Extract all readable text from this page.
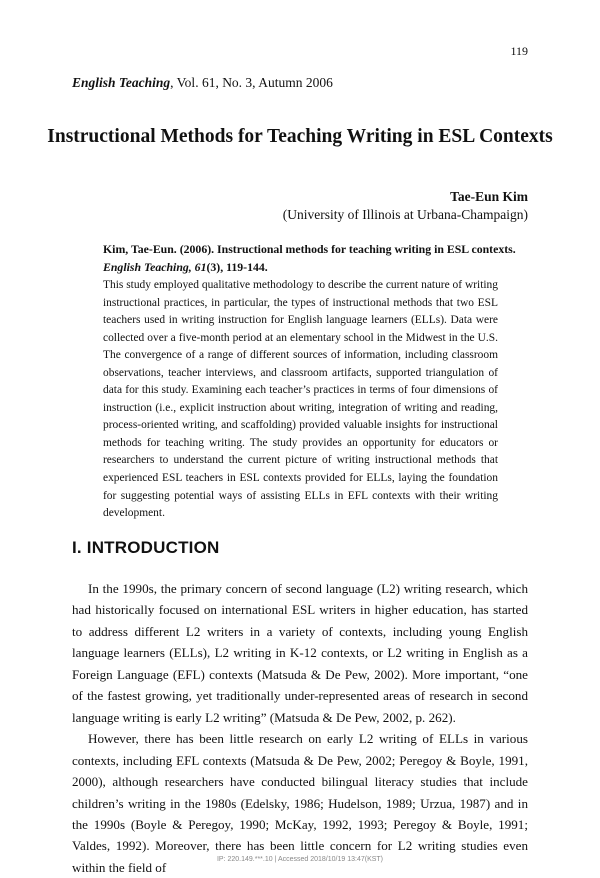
119
English Teaching, Vol. 61, No. 3, Autumn 2006
Instructional Methods for Teaching Writing in ESL Contexts
Tae-Eun Kim
(University of Illinois at Urbana-Champaign)
Kim, Tae-Eun. (2006). Instructional methods for teaching writing in ESL contexts.
English Teaching, 61(3), 119-144.

This study employed qualitative methodology to describe the current nature of writing instructional practices, in particular, the types of instructional methods that two ESL teachers used in writing instruction for English language learners (ELLs). Data were collected over a five-month period at an elementary school in the Midwest in the U.S. The convergence of a range of different sources of information, including classroom observations, teacher interviews, and classroom artifacts, supported triangulation of data for this study. Examining each teacher’s practices in terms of four dimensions of instruction (i.e., explicit instruction about writing, integration of writing and reading, process-oriented writing, and scaffolding) provided valuable insights for instructional methods for teaching writing. The study provides an opportunity for educators or researchers to understand the current picture of writing instructional methods that experienced ESL teachers in ESL contexts provided for ELLs, laying the foundation for suggesting potential ways of assisting ELLs in EFL contexts with their writing development.

I. INTRODUCTION

In the 1990s, the primary concern of second language (L2) writing research, which had historically focused on international ESL writers in higher education, has started to address different L2 writers in a variety of contexts, including young English language learners (ELLs), L2 writing in K-12 contexts, or L2 writing in English as a Foreign Language (EFL) contexts (Matsuda & De Pew, 2002). More important, “one of the fastest growing, yet traditionally under-represented areas of research in second language writing is early L2 writing” (Matsuda & De Pew, 2002, p. 262).

However, there has been little research on early L2 writing of ELLs in various contexts, including EFL contexts (Matsuda & De Pew, 2002; Peregoy & Boyle, 1991, 2000), although researchers have conducted bilingual literacy studies that include children’s writing in the 1980s (Edelsky, 1986; Hudelson, 1989; Urzua, 1987) and in the 1990s (Boyle & Peregoy, 1990; McKay, 1992, 1993; Peregoy & Boyle, 1991; Valdes, 1992). Moreover, there has been little concern for L2 writing studies even within the field of

IP: 220.149.***.10 | Accessed 2018/10/19 13:47(KST)
